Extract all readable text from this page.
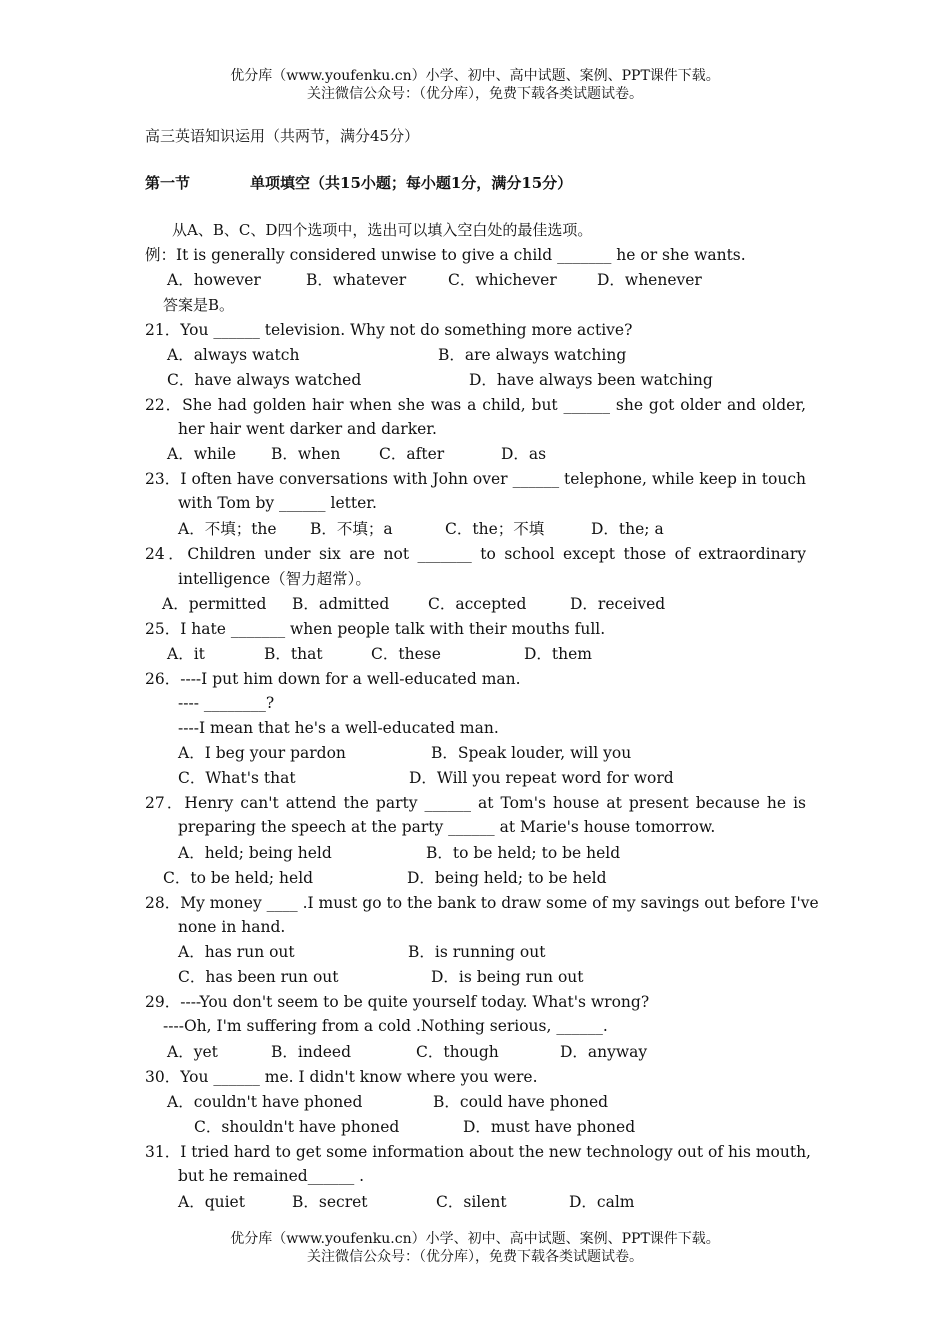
优分库（www.youfenku.cn）小学、初中、高中试题、案例、PPT课件下载。
关注微信公众号：（优分库），免费下载各类试题试卷。
高三英语知识运用（共两节，满分45分）
第一节	单项填空（共15小题；每小题1分，满分15分）
从A、B、C、D四个选项中，选出可以填入空白处的最佳选项。
例：It is generally considered unwise to give a child _______ he or she wants.
A．however	B．whatever	C．whichever	D．whenever
答案是B。
21．You ______ television. Why not do something more active?
A．always watch	B．are always watching
C．have always watched	D．have always been watching
22．She had golden hair when she was a child, but ______ she got older and older,
her hair went darker and darker.
A．while B．when C．after	D．as
23．I often have conversations with John over ______ telephone, while keep in touch
with Tom by ______ letter.
A．不填；the B．不填；a	C．the；不填	D．the; a
24．Children under six are not _______ to school except those of extraordinary
intelligence（智力超常）。
A．permitted B．admitted C．accepted	D．received
25．I hate _______ when people talk with their mouths full.
A．it	B．that	C．these	D．them
26．----I put him down for a well-educated man.
---- ________?
----I mean that he's a well-educated man.
A．I beg your pardon	B．Speak louder, will you
C．What's that	D．Will you repeat word for word
27．Henry can't attend the party ______ at Tom's house at present because he is
preparing the speech at the party ______ at Marie's house tomorrow.
A．held; being held	B．to be held; to be held
C．to be held; held	D．being held; to be held
28．My money ____ .I must go to the bank to draw some of my savings out before I've
none in hand.
A．has run out	B．is running out
C．has been run out	D．is being run out
29．----You don't seem to be quite yourself today. What's wrong?
----Oh, I'm suffering from a cold .Nothing serious, ______.
A．yet	B．indeed	C．though	D．anyway
30．You ______ me. I didn't know where you were.
A．couldn't have phoned	B．could have phoned
C．shouldn't have phoned	D．must have phoned
31．I tried hard to get some information about the new technology out of his mouth,
but he remained______ .
A．quiet	B．secret	C．silent	D．calm
优分库（www.youfenku.cn）小学、初中、高中试题、案例、PPT课件下载。
关注微信公众号：（优分库），免费下载各类试题试卷。
